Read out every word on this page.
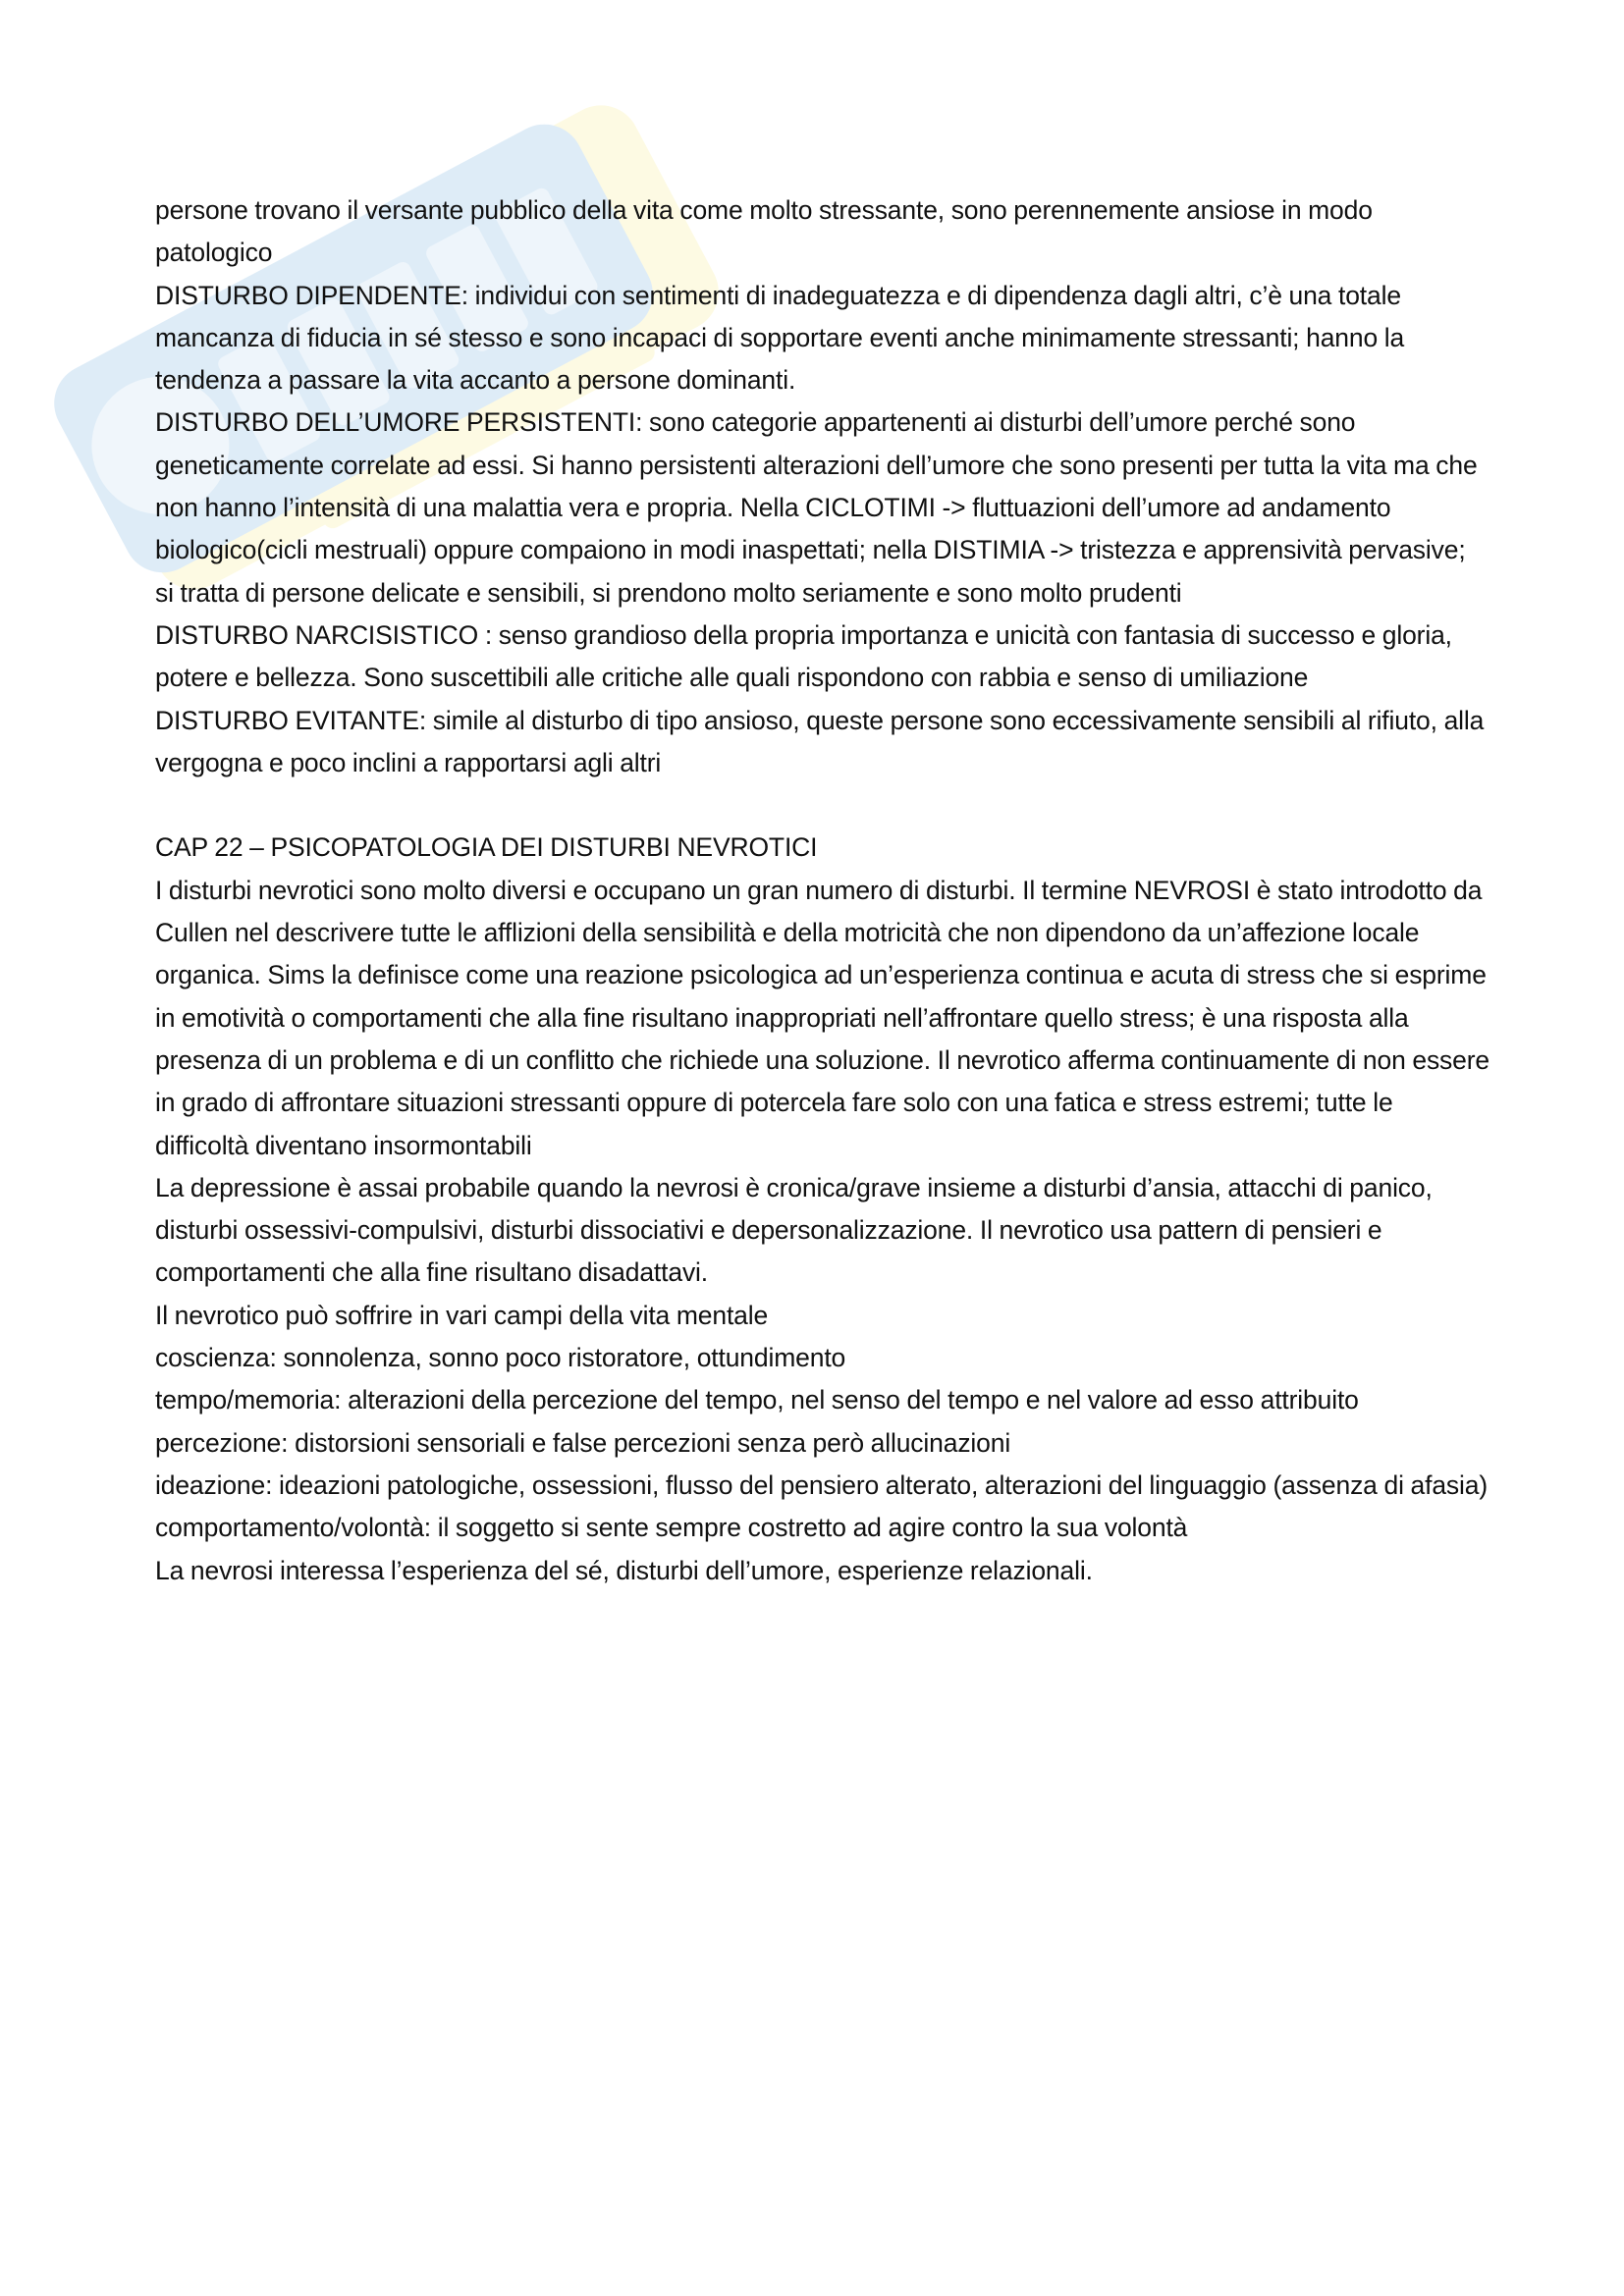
persone trovano il versante pubblico della vita come molto stressante, sono perennemente ansiose in modo patologico

DISTURBO DIPENDENTE: individui con sentimenti di inadeguatezza e di dipendenza dagli altri, c’è una totale mancanza di fiducia in sé stesso e sono incapaci di sopportare eventi anche minimamente stressanti; hanno la tendenza a passare la vita accanto a persone dominanti.

DISTURBO DELL’UMORE PERSISTENTI: sono categorie appartenenti ai disturbi dell’umore perché sono geneticamente correlate ad essi. Si hanno persistenti alterazioni dell’umore che sono presenti per tutta la vita ma che non hanno l’intensità di una malattia vera e propria. Nella CICLOTIMI -> fluttuazioni dell’umore ad andamento biologico(cicli mestruali) oppure compaiono in modi inaspettati; nella DISTIMIA -> tristezza e apprensività pervasive; si tratta di persone delicate e sensibili, si prendono molto seriamente e sono molto prudenti

DISTURBO NARCISISTICO : senso grandioso della propria importanza e unicità con fantasia di successo e gloria, potere e bellezza. Sono suscettibili alle critiche alle quali rispondono con rabbia e senso di umiliazione

DISTURBO EVITANTE: simile al disturbo di tipo ansioso, queste persone sono eccessivamente sensibili al rifiuto, alla vergogna e poco inclini a rapportarsi agli altri

CAP 22 – PSICOPATOLOGIA DEI DISTURBI NEVROTICI

I disturbi nevrotici sono molto diversi e occupano un gran numero di disturbi. Il termine NEVROSI è stato introdotto da Cullen nel descrivere tutte le afflizioni della sensibilità e della motricità che non dipendono da un’affezione locale organica. Sims la definisce come una reazione psicologica ad un’esperienza continua e acuta di stress che si esprime in emotività o comportamenti che alla fine risultano inappropriati nell’affrontare quello stress; è una risposta alla presenza di un problema e di un conflitto che richiede una soluzione. Il nevrotico afferma continuamente di non essere in grado di affrontare situazioni stressanti oppure di potercela fare solo con una fatica e stress estremi; tutte le difficoltà diventano insormontabili

La depressione è assai probabile quando la nevrosi è cronica/grave insieme a disturbi d’ansia, attacchi di panico, disturbi ossessivi-compulsivi, disturbi dissociativi e depersonalizzazione. Il nevrotico usa pattern di pensieri e comportamenti che alla fine risultano disadattavi.

Il nevrotico può soffrire in vari campi della vita mentale

coscienza: sonnolenza, sonno poco ristoratore, ottundimento

tempo/memoria: alterazioni della percezione del tempo, nel senso del tempo e nel valore ad esso attribuito

percezione: distorsioni sensoriali e false percezioni senza però allucinazioni

ideazione: ideazioni patologiche, ossessioni, flusso del pensiero alterato, alterazioni del linguaggio (assenza di afasia)

comportamento/volontà: il soggetto si sente sempre costretto ad agire contro la sua volontà

La nevrosi interessa l’esperienza del sé, disturbi dell’umore, esperienze relazionali.
